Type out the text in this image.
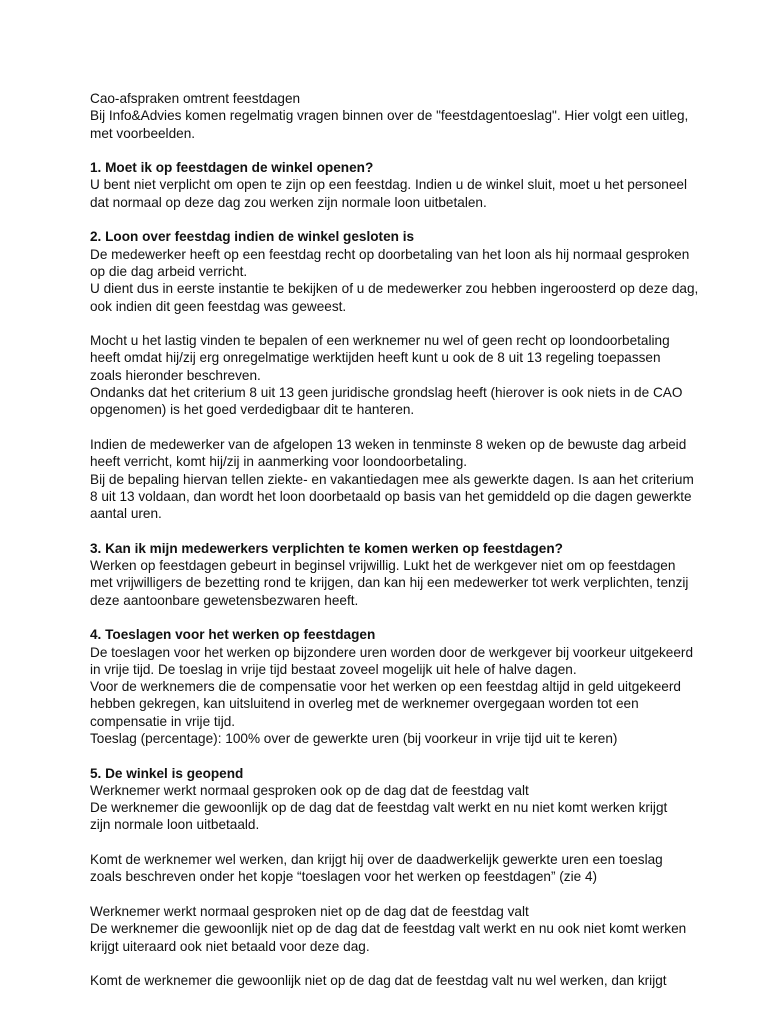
Cao-afspraken omtrent feestdagen
Bij Info&Advies komen regelmatig vragen binnen over de "feestdagentoeslag". Hier volgt een uitleg,
met voorbeelden.
1. Moet ik op feestdagen de winkel openen?
U bent niet verplicht om open te zijn op een feestdag. Indien u de winkel sluit, moet u het personeel
dat normaal op deze dag zou werken zijn normale loon uitbetalen.
2. Loon over feestdag indien de winkel gesloten is
De medewerker heeft op een feestdag recht op doorbetaling van het loon als hij normaal gesproken
op die dag arbeid verricht.
U dient dus in eerste instantie te bekijken of u de medewerker zou hebben ingeroosterd op deze dag,
ook indien dit geen feestdag was geweest.
Mocht u het lastig vinden te bepalen of een werknemer nu wel of geen recht op loondoorbetaling
heeft omdat hij/zij erg onregelmatige werktijden heeft kunt u ook de 8 uit 13 regeling toepassen
zoals hieronder beschreven.
Ondanks dat het criterium 8 uit 13 geen juridische grondslag heeft (hierover is ook niets in de CAO
opgenomen) is het goed verdedigbaar dit te hanteren.
Indien de medewerker van de afgelopen 13 weken in tenminste 8 weken op de bewuste dag arbeid
heeft verricht, komt hij/zij in aanmerking voor loondoorbetaling.
Bij de bepaling hiervan tellen ziekte- en vakantiedagen mee als gewerkte dagen. Is aan het criterium
8 uit 13 voldaan, dan wordt het loon doorbetaald op basis van het gemiddeld op die dagen gewerkte
aantal uren.
3. Kan ik mijn medewerkers verplichten te komen werken op feestdagen?
Werken op feestdagen gebeurt in beginsel vrijwillig. Lukt het de werkgever niet om op feestdagen
met vrijwilligers de bezetting rond te krijgen, dan kan hij een medewerker tot werk verplichten, tenzij
deze aantoonbare gewetensbezwaren heeft.
4. Toeslagen voor het werken op feestdagen
De toeslagen voor het werken op bijzondere uren worden door de werkgever bij voorkeur uitgekeerd
in vrije tijd. De toeslag in vrije tijd bestaat zoveel mogelijk uit hele of halve dagen.
Voor de werknemers die de compensatie voor het werken op een feestdag altijd in geld uitgekeerd
hebben gekregen, kan uitsluitend in overleg met de werknemer overgegaan worden tot een
compensatie in vrije tijd.
Toeslag (percentage): 100% over de gewerkte uren (bij voorkeur in vrije tijd uit te keren)
5. De winkel is geopend
Werknemer werkt normaal gesproken ook op de dag dat de feestdag valt
De werknemer die gewoonlijk op de dag dat de feestdag valt werkt en nu niet komt werken krijgt
zijn normale loon uitbetaald.
Komt de werknemer wel werken, dan krijgt hij over de daadwerkelijk gewerkte uren een toeslag
zoals beschreven onder het kopje “toeslagen voor het werken op feestdagen” (zie 4)
Werknemer werkt normaal gesproken niet op de dag dat de feestdag valt
De werknemer die gewoonlijk niet op de dag dat de feestdag valt werkt en nu ook niet komt werken
krijgt uiteraard ook niet betaald voor deze dag.
Komt de werknemer die gewoonlijk niet op de dag dat de feestdag valt nu wel werken, dan krijgt
